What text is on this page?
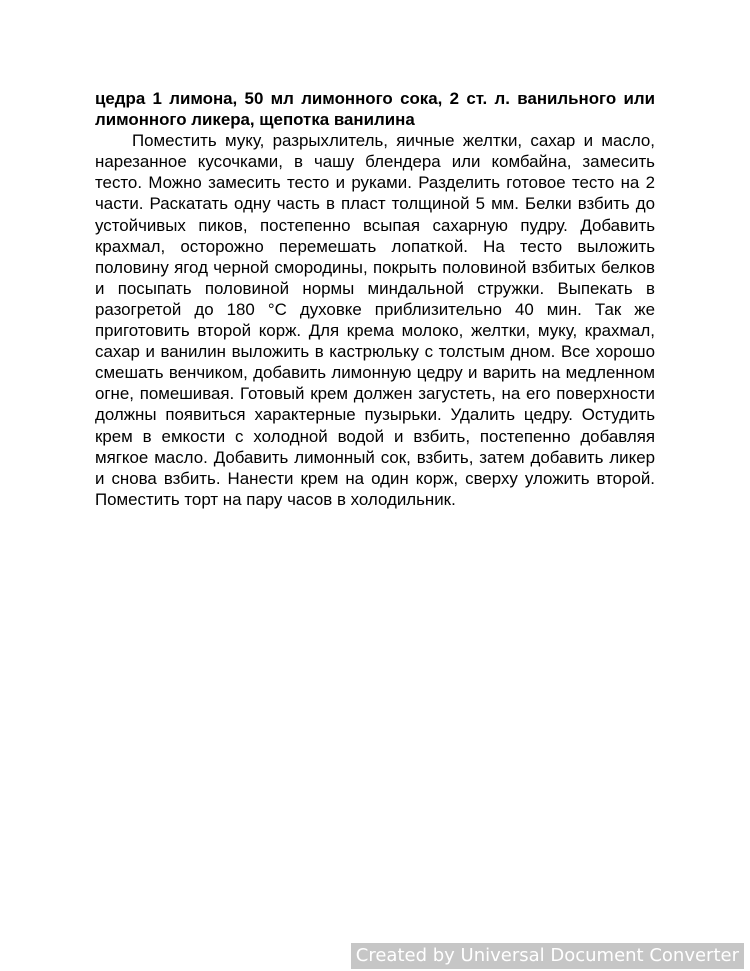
цедра 1 лимона, 50 мл лимонного сока, 2 ст. л. ванильного или лимонного ликера, щепотка ванилина

Поместить муку, разрыхлитель, яичные желтки, сахар и масло, нарезанное кусочками, в чашу блендера или комбайна, замесить тесто. Можно замесить тесто и руками. Разделить готовое тесто на 2 части. Раскатать одну часть в пласт толщиной 5 мм. Белки взбить до устойчивых пиков, постепенно всыпая сахарную пудру. Добавить крахмал, осторожно перемешать лопаткой. На тесто выложить половину ягод черной смородины, покрыть половиной взбитых белков и посыпать половиной нормы миндальной стружки. Выпекать в разогретой до 180 °С духовке приблизительно 40 мин. Так же приготовить второй корж. Для крема молоко, желтки, муку, крахмал, сахар и ванилин выложить в кастрюльку с толстым дном. Все хорошо смешать венчиком, добавить лимонную цедру и варить на медленном огне, помешивая. Готовый крем должен загустеть, на его поверхности должны появиться характерные пузырьки. Удалить цедру. Остудить крем в емкости с холодной водой и взбить, постепенно добавляя мягкое масло. Добавить лимонный сок, взбить, затем добавить ликер и снова взбить. Нанести крем на один корж, сверху уложить второй. Поместить торт на пару часов в холодильник.

Created by Universal Document Converter
